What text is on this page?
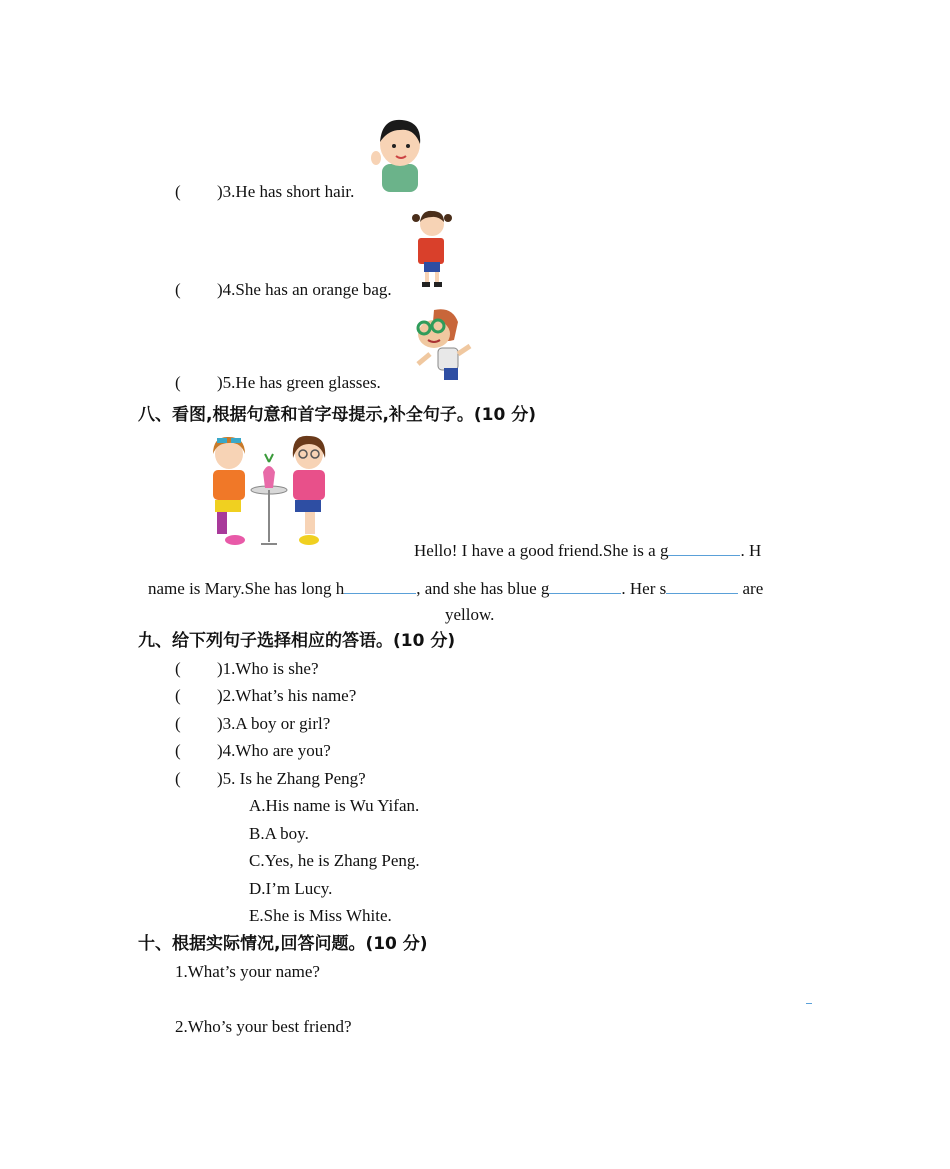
( )3.He has short hair.
( )4.She has an orange bag.
( )5.He has green glasses.
八、看图,根据句意和首字母提示,补全句子。(10 分)
Hello! I have a good friend.She is a g	. H
name is Mary.She has long h	, and she has blue g	. Her s	are
yellow.
九、给下列句子选择相应的答语。(10 分)
( )1.Who is she?
( )2.What’s his name?
( )3.A boy or girl?
( )4.Who are you?
( )5. Is he Zhang Peng?
A.His name is Wu Yifan.
B.A boy.
C.Yes, he is Zhang Peng.
D.I’m Lucy.
E.She is Miss White.
十、根据实际情况,回答问题。(10 分)
1.What’s your name?
2.Who’s your best friend?
